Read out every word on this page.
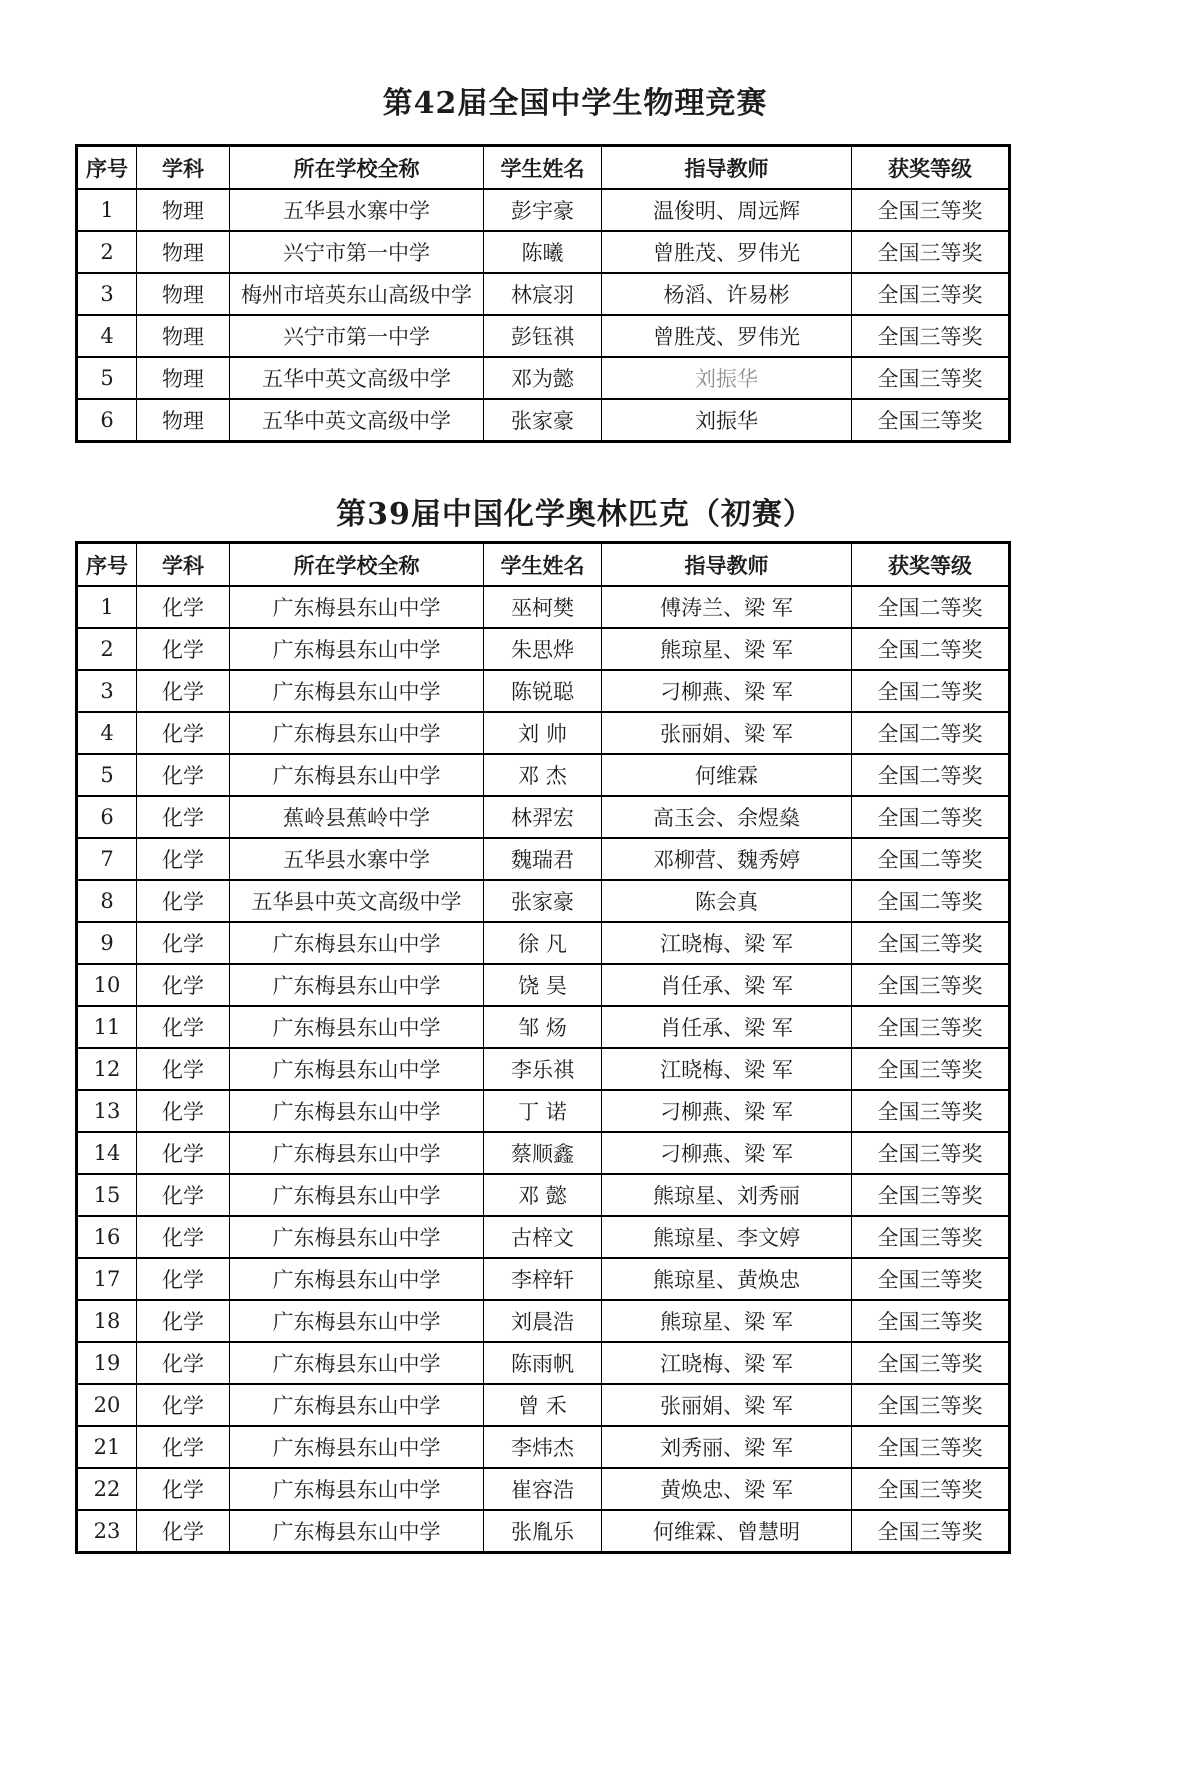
第42届全国中学生物理竞赛
序号	学科	所在学校全称	学生姓名	指导教师	获奖等级
1	物理	五华县水寨中学	彭宇豪	温俊明、周远辉	全国三等奖
2	物理	兴宁市第一中学	陈曦	曾胜茂、罗伟光	全国三等奖
3	物理	梅州市培英东山高级中学	林宸羽	杨滔、许易彬	全国三等奖
4	物理	兴宁市第一中学	彭钰祺	曾胜茂、罗伟光	全国三等奖
5	物理	五华中英文高级中学	邓为懿	刘振华	全国三等奖
6	物理	五华中英文高级中学	张家豪	刘振华	全国三等奖
第39届中国化学奥林匹克（初赛）
序号	学科	所在学校全称	学生姓名	指导教师	获奖等级
1	化学	广东梅县东山中学	巫柯樊	傅涛兰、梁 军	全国二等奖
2	化学	广东梅县东山中学	朱思烨	熊琼星、梁 军	全国二等奖
3	化学	广东梅县东山中学	陈锐聪	刁柳燕、梁 军	全国二等奖
4	化学	广东梅县东山中学	刘 帅	张丽娟、梁 军	全国二等奖
5	化学	广东梅县东山中学	邓 杰	何维霖	全国二等奖
6	化学	蕉岭县蕉岭中学	林羿宏	高玉会、余煜燊	全国二等奖
7	化学	五华县水寨中学	魏瑞君	邓柳营、魏秀婷	全国二等奖
8	化学	五华县中英文高级中学	张家豪	陈会真	全国二等奖
9	化学	广东梅县东山中学	徐 凡	江晓梅、梁 军	全国三等奖
10	化学	广东梅县东山中学	饶 昊	肖任承、梁 军	全国三等奖
11	化学	广东梅县东山中学	邹 炀	肖任承、梁 军	全国三等奖
12	化学	广东梅县东山中学	李乐祺	江晓梅、梁 军	全国三等奖
13	化学	广东梅县东山中学	丁 诺	刁柳燕、梁 军	全国三等奖
14	化学	广东梅县东山中学	蔡顺鑫	刁柳燕、梁 军	全国三等奖
15	化学	广东梅县东山中学	邓 懿	熊琼星、刘秀丽	全国三等奖
16	化学	广东梅县东山中学	古梓文	熊琼星、李文婷	全国三等奖
17	化学	广东梅县东山中学	李梓轩	熊琼星、黄焕忠	全国三等奖
18	化学	广东梅县东山中学	刘晨浩	熊琼星、梁 军	全国三等奖
19	化学	广东梅县东山中学	陈雨帆	江晓梅、梁 军	全国三等奖
20	化学	广东梅县东山中学	曾 禾	张丽娟、梁 军	全国三等奖
21	化学	广东梅县东山中学	李炜杰	刘秀丽、梁 军	全国三等奖
22	化学	广东梅县东山中学	崔容浩	黄焕忠、梁 军	全国三等奖
23	化学	广东梅县东山中学	张胤乐	何维霖、曾慧明	全国三等奖
